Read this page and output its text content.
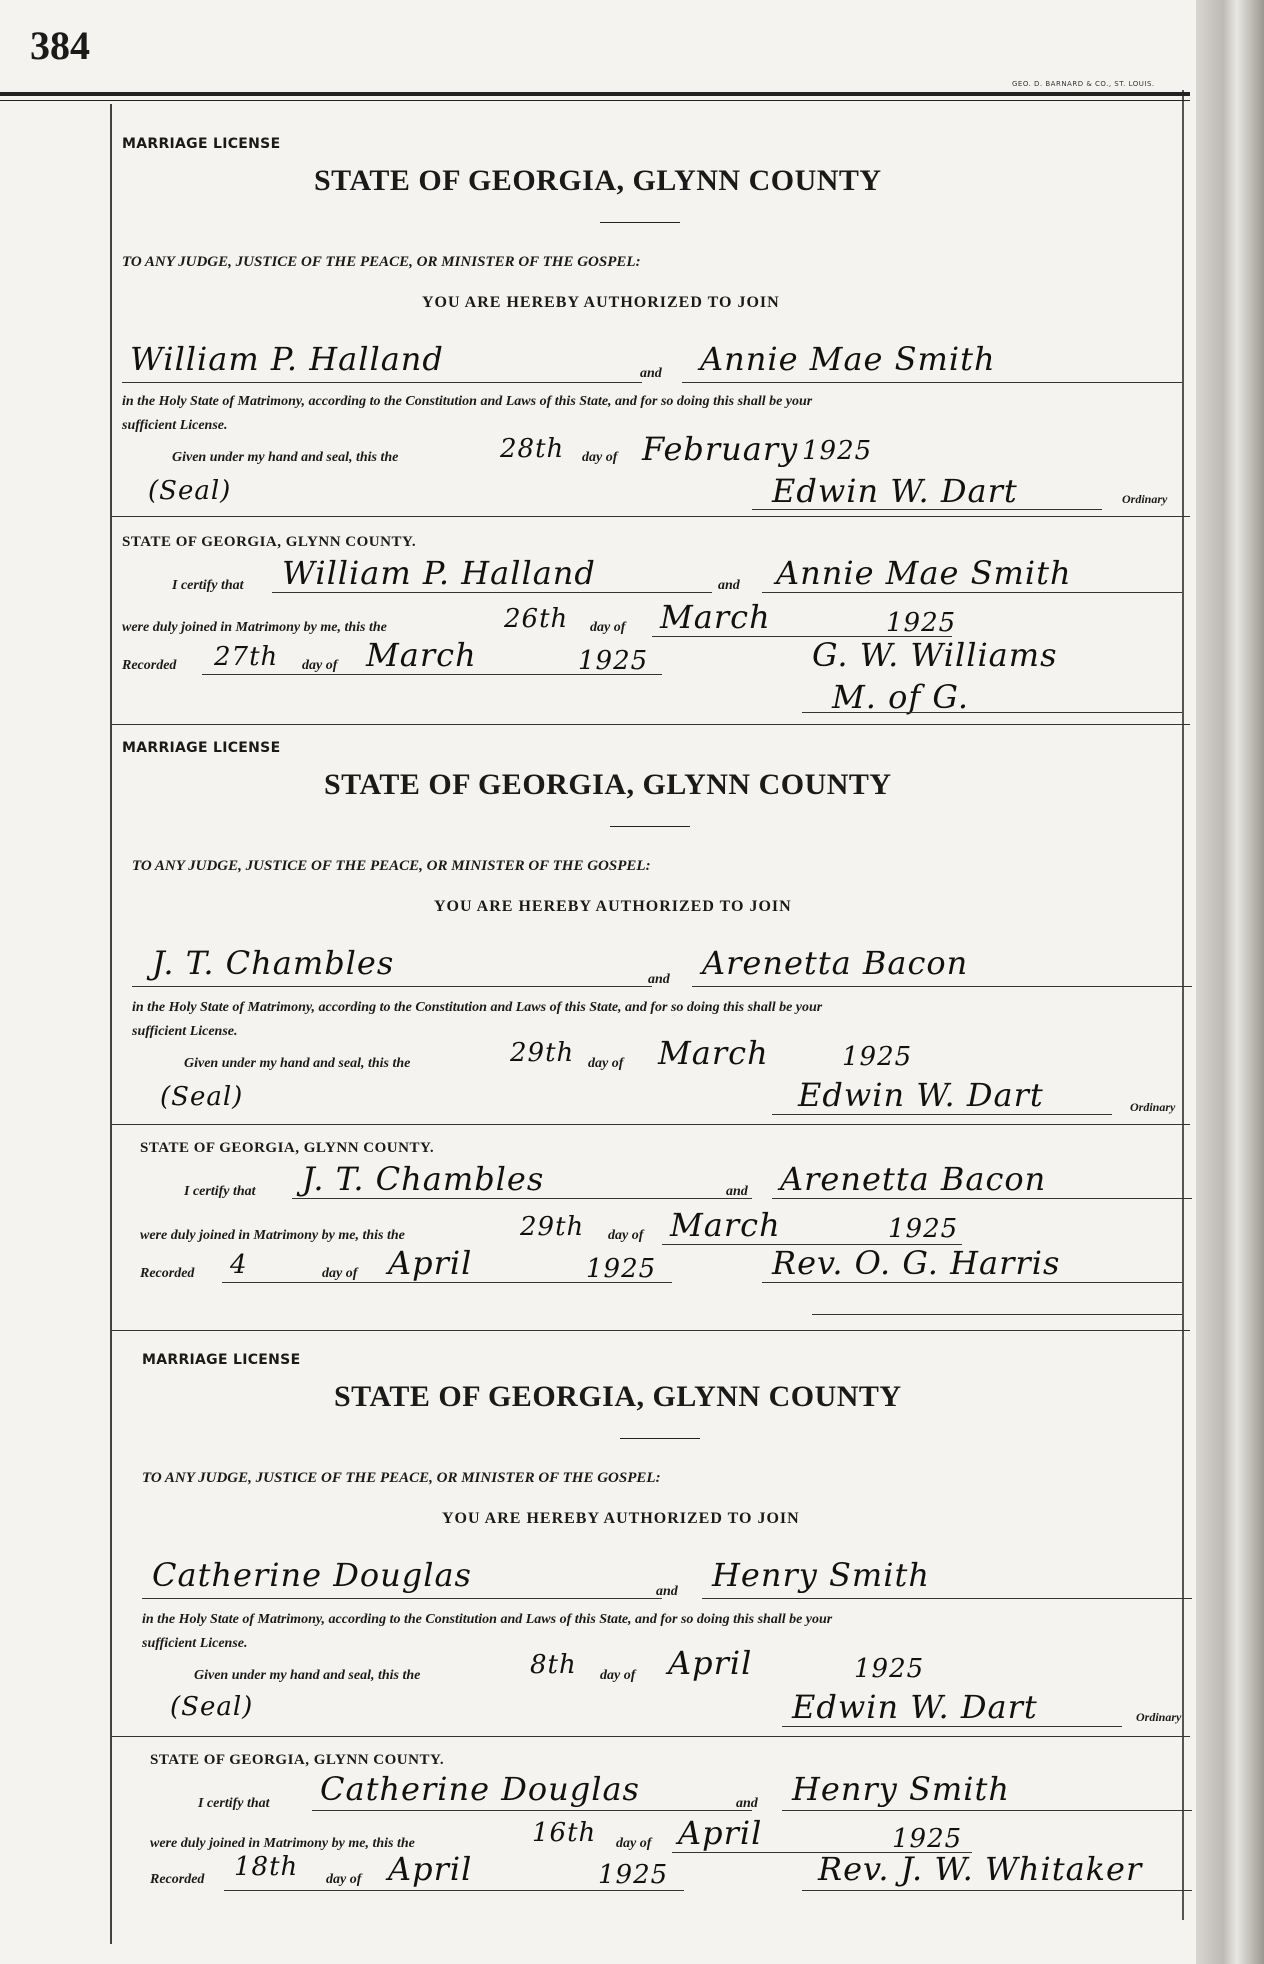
384
GEO. D. BARNARD & CO., ST. LOUIS.
MARRIAGE LICENSE
STATE OF GEORGIA, GLYNN COUNTY
TO ANY JUDGE, JUSTICE OF THE PEACE, OR MINISTER OF THE GOSPEL:
YOU ARE HEREBY AUTHORIZED TO JOIN
William P. Halland	and Annie Mae Smith
in the Holy State of Matrimony, according to the Constitution and Laws of this State, and for so doing this shall be your
sufficient License.
Given under my hand and seal, this the	28th day of February 1925
(Seal)	Edwin W. Dart	Ordinary
STATE OF GEORGIA, GLYNN COUNTY.
I certify that William P. Halland	and Annie Mae Smith
were duly joined in Matrimony by me, this the	26th day of March	1925
Recorded 27th day of March	1925	G. W. Williams
M. of G.
MARRIAGE LICENSE
STATE OF GEORGIA, GLYNN COUNTY
TO ANY JUDGE, JUSTICE OF THE PEACE, OR MINISTER OF THE GOSPEL:
YOU ARE HEREBY AUTHORIZED TO JOIN
J. T. Chambles	and Arenetta Bacon
in the Holy State of Matrimony, according to the Constitution and Laws of this State, and for so doing this shall be your
sufficient License.
Given under my hand and seal, this the	29th day of March	1925
(Seal)	Edwin W. Dart	Ordinary
STATE OF GEORGIA, GLYNN COUNTY.
I certify that J. T. Chambles	and Arenetta Bacon
were duly joined in Matrimony by me, this the	29th day of March	1925
Recorded 4	day of April	1925	Rev. O. G. Harris
MARRIAGE LICENSE
STATE OF GEORGIA, GLYNN COUNTY
TO ANY JUDGE, JUSTICE OF THE PEACE, OR MINISTER OF THE GOSPEL:
YOU ARE HEREBY AUTHORIZED TO JOIN
Catherine Douglas	and Henry Smith
in the Holy State of Matrimony, according to the Constitution and Laws of this State, and for so doing this shall be your
sufficient License.
Given under my hand and seal, this the	8th day of April	1925
(Seal)	Edwin W. Dart	Ordinary
STATE OF GEORGIA, GLYNN COUNTY.
I certify that Catherine Douglas	and Henry Smith
were duly joined in Matrimony by me, this the	16th day of April	1925
Recorded 18th day of April	1925	Rev. J. W. Whitaker
